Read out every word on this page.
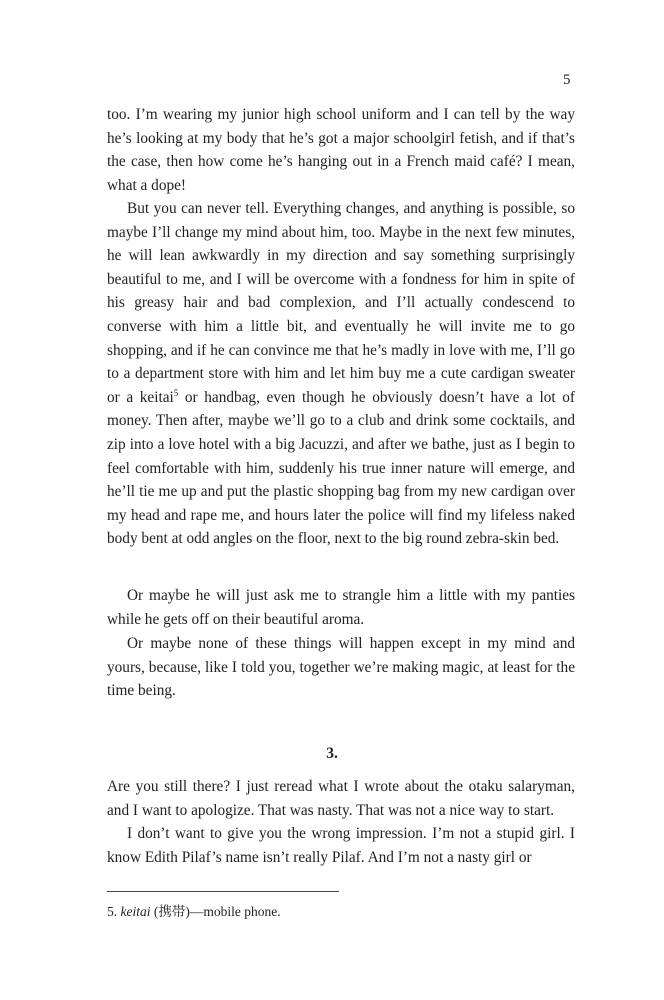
5

too. I’m wearing my junior high school uniform and I can tell by the way he’s looking at my body that he’s got a major schoolgirl fetish, and if that’s the case, then how come he’s hanging out in a French maid café? I mean, what a dope!

But you can never tell. Everything changes, and anything is possible, so maybe I’ll change my mind about him, too. Maybe in the next few minutes, he will lean awkwardly in my direction and say something surprisingly beautiful to me, and I will be overcome with a fondness for him in spite of his greasy hair and bad complexion, and I’ll actually condescend to converse with him a little bit, and eventually he will invite me to go shopping, and if he can convince me that he’s madly in love with me, I’ll go to a department store with him and let him buy me a cute cardigan sweater or a keitai$^5$ or handbag, even though he obviously doesn’t have a lot of money. Then after, maybe we’ll go to a club and drink some cocktails, and zip into a love hotel with a big Jacuzzi, and after we bathe, just as I begin to feel comfortable with him, suddenly his true inner nature will emerge, and he’ll tie me up and put the plastic shopping bag from my new cardigan over my head and rape me, and hours later the police will find my lifeless naked body bent at odd angles on the floor, next to the big round zebra-skin bed.

Or maybe he will just ask me to strangle him a little with my panties while he gets off on their beautiful aroma.

Or maybe none of these things will happen except in my mind and yours, because, like I told you, together we’re making magic, at least for the time being.

3.

Are you still there? I just reread what I wrote about the otaku salaryman, and I want to apologize. That was nasty. That was not a nice way to start.

I don’t want to give you the wrong impression. I’m not a stupid girl. I know Edith Pilaf’s name isn’t really Pilaf. And I’m not a nasty girl or

5. keitai (携帯)—mobile phone.
